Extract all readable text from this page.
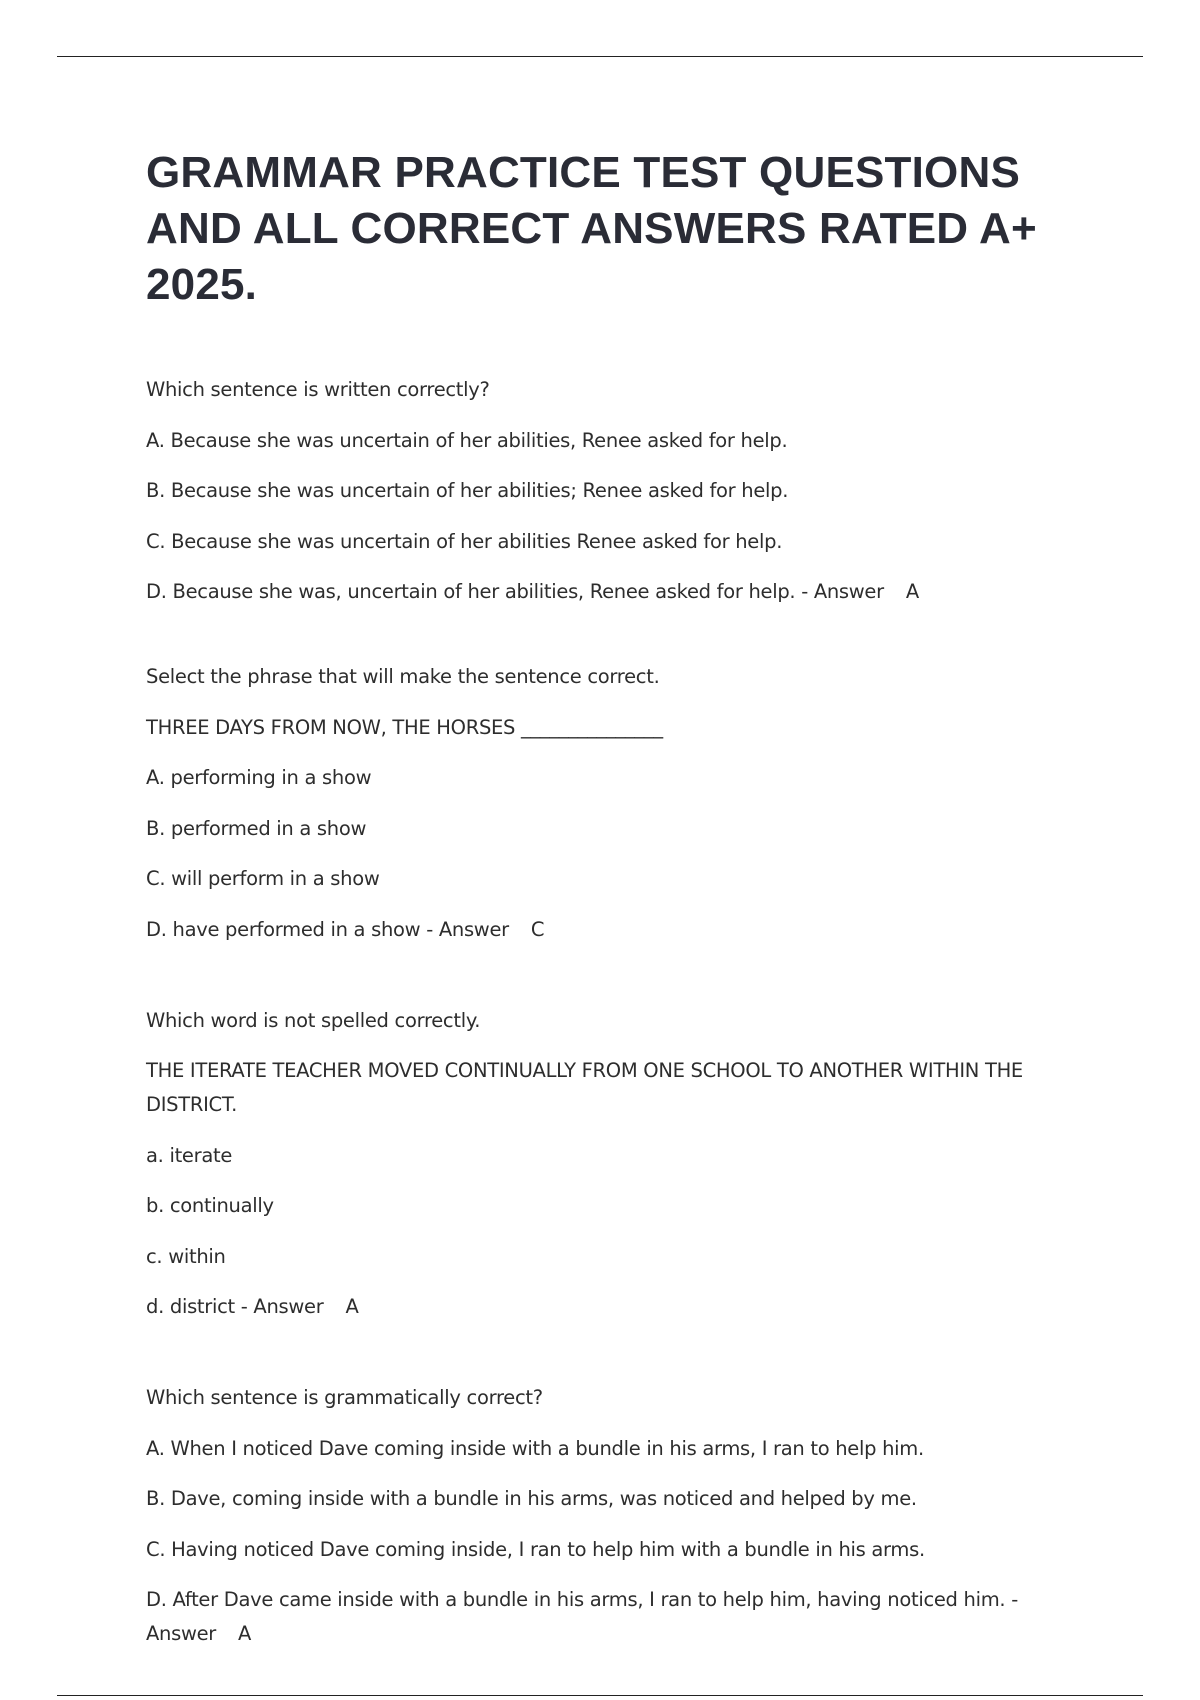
GRAMMAR PRACTICE TEST QUESTIONS AND ALL CORRECT ANSWERS RATED A+ 2025.

Which sentence is written correctly?

A. Because she was uncertain of her abilities, Renee asked for help.

B. Because she was uncertain of her abilities; Renee asked for help.

C. Because she was uncertain of her abilities Renee asked for help.

D. Because she was, uncertain of her abilities, Renee asked for help. - Answer A

Select the phrase that will make the sentence correct.

THREE DAYS FROM NOW, THE HORSES _______________

A. performing in a show

B. performed in a show

C. will perform in a show

D. have performed in a show - Answer C

Which word is not spelled correctly.

THE ITERATE TEACHER MOVED CONTINUALLY FROM ONE SCHOOL TO ANOTHER WITHIN THE DISTRICT.

a. iterate

b. continually

c. within

d. district - Answer A

Which sentence is grammatically correct?

A. When I noticed Dave coming inside with a bundle in his arms, I ran to help him.

B. Dave, coming inside with a bundle in his arms, was noticed and helped by me.

C. Having noticed Dave coming inside, I ran to help him with a bundle in his arms.

D. After Dave came inside with a bundle in his arms, I ran to help him, having noticed him. - Answer A
